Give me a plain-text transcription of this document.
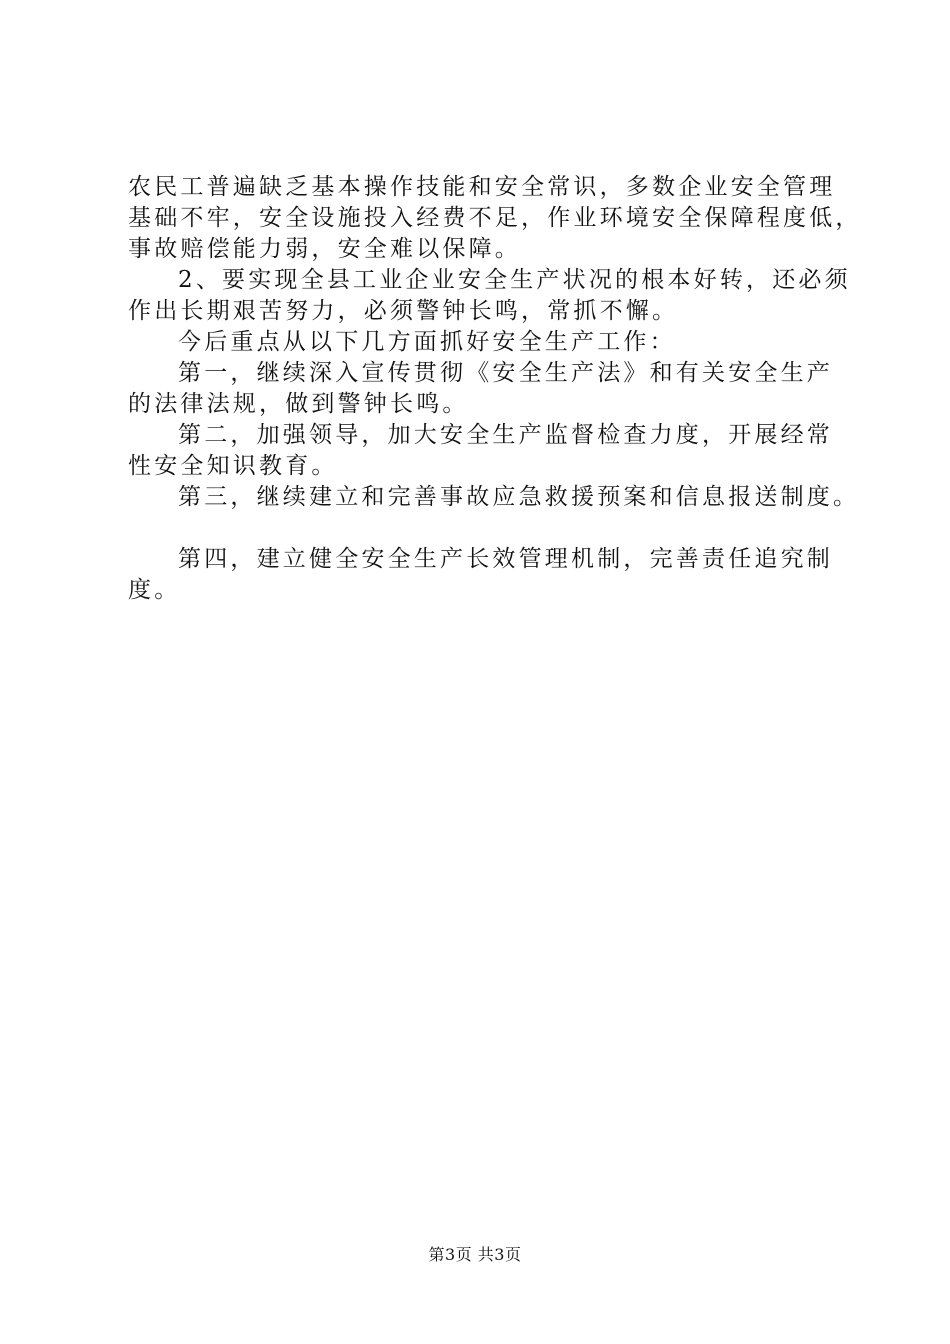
农民工普遍缺乏基本操作技能和安全常识，多数企业安全管理
基础不牢，安全设施投入经费不足，作业环境安全保障程度低，
事故赔偿能力弱，安全难以保障。
2、要实现全县工业企业安全生产状况的根本好转，还必须
作出长期艰苦努力，必须警钟长鸣，常抓不懈。
今后重点从以下几方面抓好安全生产工作：
第一，继续深入宣传贯彻《安全生产法》和有关安全生产
的法律法规，做到警钟长鸣。
第二，加强领导，加大安全生产监督检查力度，开展经常
性安全知识教育。
第三，继续建立和完善事故应急救援预案和信息报送制度。
第四，建立健全安全生产长效管理机制，完善责任追究制
度。
第3页 共3页
